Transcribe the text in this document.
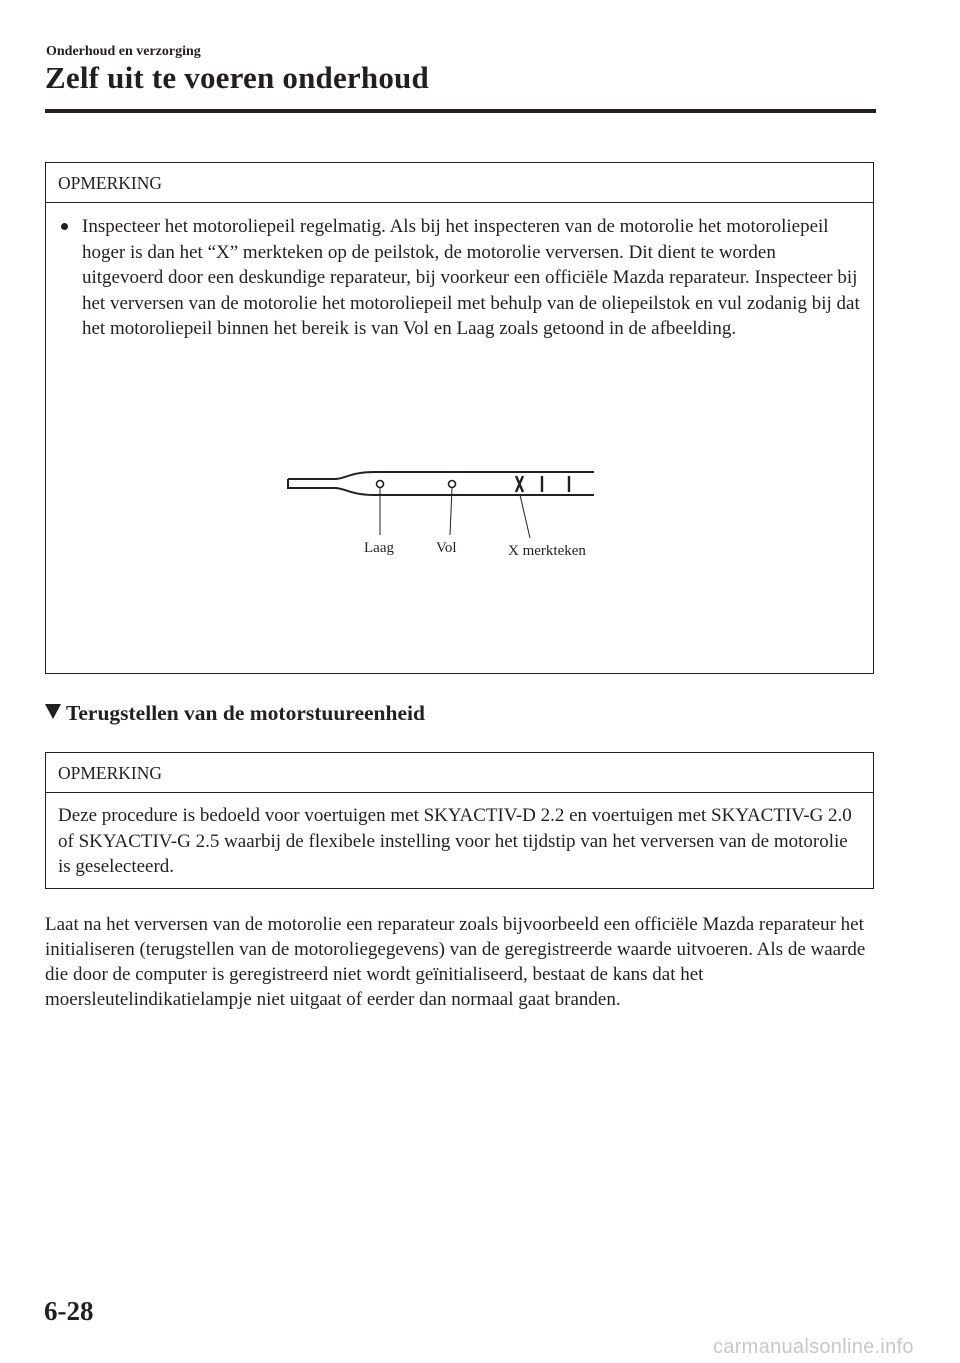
Onderhoud en verzorging
Zelf uit te voeren onderhoud
OPMERKING
Inspecteer het motoroliepeil regelmatig. Als bij het inspecteren van de motorolie het motoroliepeil hoger is dan het “X” merkteken op de peilstok, de motorolie verversen. Dit dient te worden uitgevoerd door een deskundige reparateur, bij voorkeur een officiële Mazda reparateur. Inspecteer bij het verversen van de motorolie het motoroliepeil met behulp van de oliepeilstok en vul zodanig bij dat het motoroliepeil binnen het bereik is van Vol en Laag zoals getoond in de afbeelding.
Laag	Vol	X merkteken
Terugstellen van de motorstuureenheid
OPMERKING
Deze procedure is bedoeld voor voertuigen met SKYACTIV-D 2.2 en voertuigen met SKYACTIV-G 2.0 of SKYACTIV-G 2.5 waarbij de flexibele instelling voor het tijdstip van het verversen van de motorolie is geselecteerd.
Laat na het verversen van de motorolie een reparateur zoals bijvoorbeeld een officiële Mazda reparateur het initialiseren (terugstellen van de motoroliegegevens) van de geregistreerde waarde uitvoeren. Als de waarde die door de computer is geregistreerd niet wordt geïnitialiseerd, bestaat de kans dat het moersleutelindikatielampje niet uitgaat of eerder dan normaal gaat branden.
6-28
carmanualsonline.info
